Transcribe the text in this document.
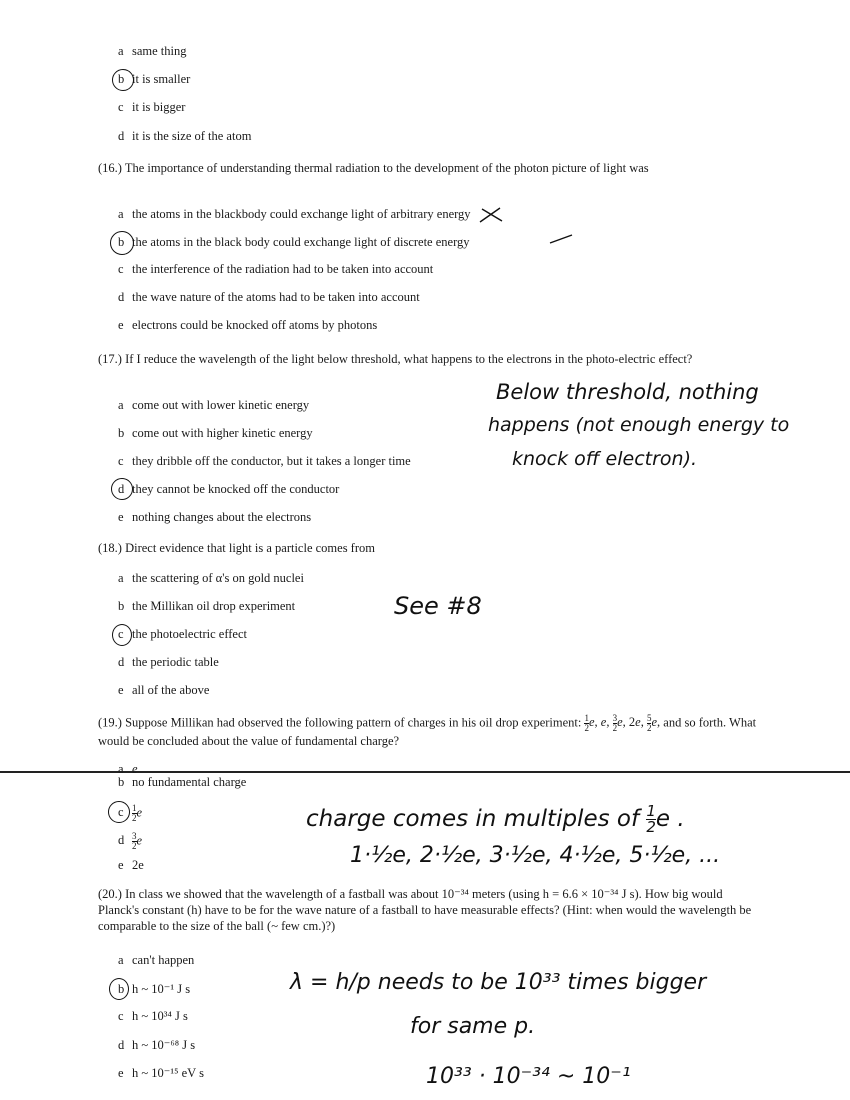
a same thing
b it is smaller
c it is bigger
d it is the size of the atom
(16.) The importance of understanding thermal radiation to the development of the photon picture of light was
a the atoms in the blackbody could exchange light of arbitrary energy
b the atoms in the black body could exchange light of discrete energy
c the interference of the radiation had to be taken into account
d the wave nature of the atoms had to be taken into account
e electrons could be knocked off atoms by photons
(17.) If I reduce the wavelength of the light below threshold, what happens to the electrons in the photo-electric effect?
a come out with lower kinetic energy
b come out with higher kinetic energy
c they dribble off the conductor, but it takes a longer time
d they cannot be knocked off the conductor
e nothing changes about the electrons
Below threshold, nothing
happens (not enough energy to
knock off electron).
(18.) Direct evidence that light is a particle comes from
a the scattering of α's on gold nuclei
b the Millikan oil drop experiment
c the photoelectric effect
d the periodic table
e all of the above
See #8
(19.) Suppose Millikan had observed the following pattern of charges in his oil drop experiment: $\frac{1}{2} e$, e, $\frac{3}{2} e$, 2e, $\frac{5}{2} e$, and so forth. What would be concluded about the value of fundamental charge?
a e
b no fundamental charge
c $\frac{1}{2}$ e
d $\frac{3}{2}$ e
e 2e
charge comes in multiples of $\frac{1}{2}$ e .
1·½e, 2·½e, 3·½e, 4·½e, 5·½e, ...
(20.) In class we showed that the wavelength of a fastball was about 10⁻³⁴ meters (using h = 6.6 × 10⁻³⁴ J s). How big would Planck's constant (h) have to be for the wave nature of a fastball to have measurable effects? (Hint: when would the wavelength be comparable to the size of the ball (~ few cm.)?)
a can't happen
b h ~ 10⁻¹ J s
c h ~ 10³⁴ J s
d h ~ 10⁻⁶⁸ J s
e h ~ 10⁻¹⁵ eV s
λ = h/p needs to be 10³³ times bigger
for same p.
10³³ · 10⁻³⁴ ~ 10⁻¹
